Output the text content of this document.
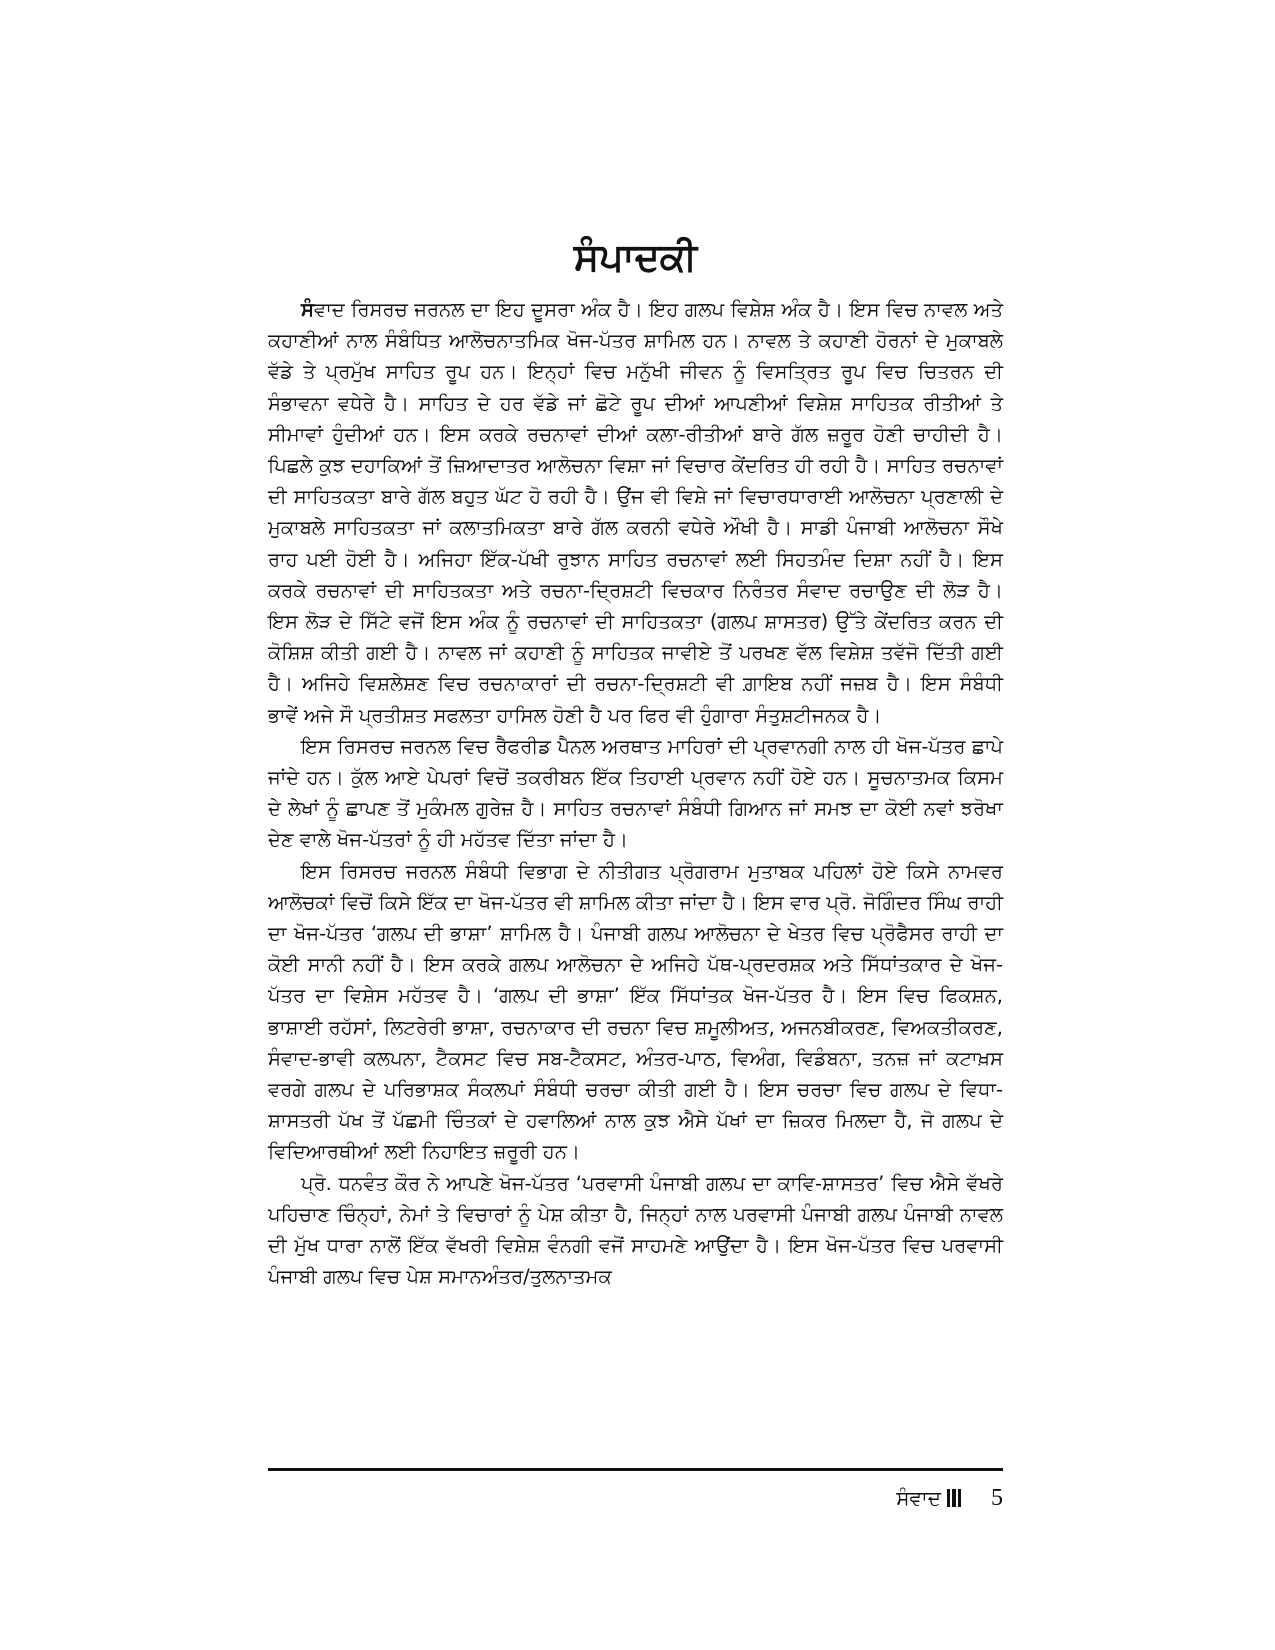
ਸੰਪਾਦਕੀ

ਸੰਵਾਦ ਰਿਸਰਚ ਜਰਨਲ ਦਾ ਇਹ ਦੂਸਰਾ ਅੰਕ ਹੈ। ਇਹ ਗਲਪ ਵਿਸ਼ੇਸ਼ ਅੰਕ ਹੈ। ਇਸ ਵਿਚ ਨਾਵਲ ਅਤੇ ਕਹਾਣੀਆਂ ਨਾਲ ਸੰਬੰਧਿਤ ਆਲੋਚਨਾਤਮਿਕ ਖੋਜ-ਪੱਤਰ ਸ਼ਾਮਿਲ ਹਨ। ਨਾਵਲ ਤੇ ਕਹਾਣੀ ਹੋਰਨਾਂ ਦੇ ਮੁਕਾਬਲੇ ਵੱਡੇ ਤੇ ਪ੍ਰਮੁੱਖ ਸਾਹਿਤ ਰੂਪ ਹਨ। ਇਨ੍ਹਾਂ ਵਿਚ ਮਨੁੱਖੀ ਜੀਵਨ ਨੂੰ ਵਿਸਤ੍ਰਿਤ ਰੂਪ ਵਿਚ ਚਿਤਰਨ ਦੀ ਸੰਭਾਵਨਾ ਵਧੇਰੇ ਹੈ। ਸਾਹਿਤ ਦੇ ਹਰ ਵੱਡੇ ਜਾਂ ਛੋਟੇ ਰੂਪ ਦੀਆਂ ਆਪਣੀਆਂ ਵਿਸ਼ੇਸ਼ ਸਾਹਿਤਕ ਰੀਤੀਆਂ ਤੇ ਸੀਮਾਵਾਂ ਹੁੰਦੀਆਂ ਹਨ। ਇਸ ਕਰਕੇ ਰਚਨਾਵਾਂ ਦੀਆਂ ਕਲਾ-ਰੀਤੀਆਂ ਬਾਰੇ ਗੱਲ ਜ਼ਰੂਰ ਹੋਣੀ ਚਾਹੀਦੀ ਹੈ। ਪਿਛਲੇ ਕੁਝ ਦਹਾਕਿਆਂ ਤੋਂ ਜ਼ਿਆਦਾਤਰ ਆਲੋਚਨਾ ਵਿਸ਼ਾ ਜਾਂ ਵਿਚਾਰ ਕੇਂਦਰਿਤ ਹੀ ਰਹੀ ਹੈ। ਸਾਹਿਤ ਰਚਨਾਵਾਂ ਦੀ ਸਾਹਿਤਕਤਾ ਬਾਰੇ ਗੱਲ ਬਹੁਤ ਘੱਟ ਹੋ ਰਹੀ ਹੈ। ਉਂਜ ਵੀ ਵਿਸ਼ੇ ਜਾਂ ਵਿਚਾਰਧਾਰਾਈ ਆਲੋਚਨਾ ਪ੍ਰਣਾਲੀ ਦੇ ਮੁਕਾਬਲੇ ਸਾਹਿਤਕਤਾ ਜਾਂ ਕਲਾਤਮਿਕਤਾ ਬਾਰੇ ਗੱਲ ਕਰਨੀ ਵਧੇਰੇ ਔਖੀ ਹੈ। ਸਾਡੀ ਪੰਜਾਬੀ ਆਲੋਚਨਾ ਸੌਖੇ ਰਾਹ ਪਈ ਹੋਈ ਹੈ। ਅਜਿਹਾ ਇੱਕ-ਪੱਖੀ ਰੁਝਾਨ ਸਾਹਿਤ ਰਚਨਾਵਾਂ ਲਈ ਸਿਹਤਮੰਦ ਦਿਸ਼ਾ ਨਹੀਂ ਹੈ। ਇਸ ਕਰਕੇ ਰਚਨਾਵਾਂ ਦੀ ਸਾਹਿਤਕਤਾ ਅਤੇ ਰਚਨਾ-ਦ੍ਰਿਸ਼ਟੀ ਵਿਚਕਾਰ ਨਿਰੰਤਰ ਸੰਵਾਦ ਰਚਾਉਣ ਦੀ ਲੋੜ ਹੈ। ਇਸ ਲੋੜ ਦੇ ਸਿੱਟੇ ਵਜੋਂ ਇਸ ਅੰਕ ਨੂੰ ਰਚਨਾਵਾਂ ਦੀ ਸਾਹਿਤਕਤਾ (ਗਲਪ ਸ਼ਾਸਤਰ) ਉੱਤੇ ਕੇਂਦਰਿਤ ਕਰਨ ਦੀ ਕੋਸ਼ਿਸ਼ ਕੀਤੀ ਗਈ ਹੈ। ਨਾਵਲ ਜਾਂ ਕਹਾਣੀ ਨੂੰ ਸਾਹਿਤਕ ਜਾਵੀਏ ਤੋਂ ਪਰਖਣ ਵੱਲ ਵਿਸ਼ੇਸ਼ ਤਵੱਜੋ ਦਿੱਤੀ ਗਈ ਹੈ। ਅਜਿਹੇ ਵਿਸ਼ਲੇਸ਼ਣ ਵਿਚ ਰਚਨਾਕਾਰਾਂ ਦੀ ਰਚਨਾ-ਦ੍ਰਿਸ਼ਟੀ ਵੀ ਗ਼ਾਇਬ ਨਹੀਂ ਜਜ਼ਬ ਹੈ। ਇਸ ਸੰਬੰਧੀ ਭਾਵੇਂ ਅਜੇ ਸੌ ਪ੍ਰਤੀਸ਼ਤ ਸਫਲਤਾ ਹਾਸਿਲ ਹੋਣੀ ਹੈ ਪਰ ਫਿਰ ਵੀ ਹੁੰਗਾਰਾ ਸੰਤੁਸ਼ਟੀਜਨਕ ਹੈ।

ਇਸ ਰਿਸਰਚ ਜਰਨਲ ਵਿਚ ਰੈਫਰੀਡ ਪੈਨਲ ਅਰਥਾਤ ਮਾਹਿਰਾਂ ਦੀ ਪ੍ਰਵਾਨਗੀ ਨਾਲ ਹੀ ਖੋਜ-ਪੱਤਰ ਛਾਪੇ ਜਾਂਦੇ ਹਨ। ਕੁੱਲ ਆਏ ਪੇਪਰਾਂ ਵਿਚੋਂ ਤਕਰੀਬਨ ਇੱਕ ਤਿਹਾਈ ਪ੍ਰਵਾਨ ਨਹੀਂ ਹੋਏ ਹਨ। ਸੂਚਨਾਤਮਕ ਕਿਸਮ ਦੇ ਲੇਖਾਂ ਨੂੰ ਛਾਪਣ ਤੋਂ ਮੁਕੰਮਲ ਗੁਰੇਜ਼ ਹੈ। ਸਾਹਿਤ ਰਚਨਾਵਾਂ ਸੰਬੰਧੀ ਗਿਆਨ ਜਾਂ ਸਮਝ ਦਾ ਕੋਈ ਨਵਾਂ ਝਰੋਖਾ ਦੇਣ ਵਾਲੇ ਖੋਜ-ਪੱਤਰਾਂ ਨੂੰ ਹੀ ਮਹੱਤਵ ਦਿੱਤਾ ਜਾਂਦਾ ਹੈ।

ਇਸ ਰਿਸਰਚ ਜਰਨਲ ਸੰਬੰਧੀ ਵਿਭਾਗ ਦੇ ਨੀਤੀਗਤ ਪ੍ਰੋਗਰਾਮ ਮੁਤਾਬਕ ਪਹਿਲਾਂ ਹੋਏ ਕਿਸੇ ਨਾਮਵਰ ਆਲੋਚਕਾਂ ਵਿਚੋਂ ਕਿਸੇ ਇੱਕ ਦਾ ਖੋਜ-ਪੱਤਰ ਵੀ ਸ਼ਾਮਿਲ ਕੀਤਾ ਜਾਂਦਾ ਹੈ। ਇਸ ਵਾਰ ਪ੍ਰੋ. ਜੋਗਿੰਦਰ ਸਿੰਘ ਰਾਹੀ ਦਾ ਖੋਜ-ਪੱਤਰ ‘ਗਲਪ ਦੀ ਭਾਸ਼ਾ’ ਸ਼ਾਮਿਲ ਹੈ। ਪੰਜਾਬੀ ਗਲਪ ਆਲੋਚਨਾ ਦੇ ਖੇਤਰ ਵਿਚ ਪ੍ਰੋਫੈਸਰ ਰਾਹੀ ਦਾ ਕੋਈ ਸਾਨੀ ਨਹੀਂ ਹੈ। ਇਸ ਕਰਕੇ ਗਲਪ ਆਲੋਚਨਾ ਦੇ ਅਜਿਹੇ ਪੱਥ-ਪ੍ਰਦਰਸ਼ਕ ਅਤੇ ਸਿੱਧਾਂਤਕਾਰ ਦੇ ਖੋਜ-ਪੱਤਰ ਦਾ ਵਿਸ਼ੇਸ ਮਹੱਤਵ ਹੈ। ‘ਗਲਪ ਦੀ ਭਾਸ਼ਾ’ ਇੱਕ ਸਿੱਧਾਂਤਕ ਖੋਜ-ਪੱਤਰ ਹੈ। ਇਸ ਵਿਚ ਫਿਕਸ਼ਨ, ਭਾਸ਼ਾਈ ਰਹੱਸਾਂ, ਲਿਟਰੇਰੀ ਭਾਸ਼ਾ, ਰਚਨਾਕਾਰ ਦੀ ਰਚਨਾ ਵਿਚ ਸ਼ਮੂਲੀਅਤ, ਅਜਨਬੀਕਰਣ, ਵਿਅਕਤੀਕਰਣ, ਸੰਵਾਦ-ਭਾਵੀ ਕਲਪਨਾ, ਟੈਕਸਟ ਵਿਚ ਸਬ-ਟੈਕਸਟ, ਅੰਤਰ-ਪਾਠ, ਵਿਅੰਗ, ਵਿਡੰਬਨਾ, ਤਨਜ਼ ਜਾਂ ਕਟਾਖ਼ਸ ਵਰਗੇ ਗਲਪ ਦੇ ਪਰਿਭਾਸ਼ਕ ਸੰਕਲਪਾਂ ਸੰਬੰਧੀ ਚਰਚਾ ਕੀਤੀ ਗਈ ਹੈ। ਇਸ ਚਰਚਾ ਵਿਚ ਗਲਪ ਦੇ ਵਿਧਾ-ਸ਼ਾਸਤਰੀ ਪੱਖ ਤੋਂ ਪੱਛਮੀ ਚਿੰਤਕਾਂ ਦੇ ਹਵਾਲਿਆਂ ਨਾਲ ਕੁਝ ਐਸੇ ਪੱਖਾਂ ਦਾ ਜ਼ਿਕਰ ਮਿਲਦਾ ਹੈ, ਜੋ ਗਲਪ ਦੇ ਵਿਦਿਆਰਥੀਆਂ ਲਈ ਨਿਹਾਇਤ ਜ਼ਰੂਰੀ ਹਨ।

ਪ੍ਰੋ. ਧਨਵੰਤ ਕੌਰ ਨੇ ਆਪਣੇ ਖੋਜ-ਪੱਤਰ ‘ਪਰਵਾਸੀ ਪੰਜਾਬੀ ਗਲਪ ਦਾ ਕਾਵਿ-ਸ਼ਾਸਤਰ’ ਵਿਚ ਐਸੇ ਵੱਖਰੇ ਪਹਿਚਾਣ ਚਿੰਨ੍ਹਾਂ, ਨੇਮਾਂ ਤੇ ਵਿਚਾਰਾਂ ਨੂੰ ਪੇਸ਼ ਕੀਤਾ ਹੈ, ਜਿਨ੍ਹਾਂ ਨਾਲ ਪਰਵਾਸੀ ਪੰਜਾਬੀ ਗਲਪ ਪੰਜਾਬੀ ਨਾਵਲ ਦੀ ਮੁੱਖ ਧਾਰਾ ਨਾਲੋਂ ਇੱਕ ਵੱਖਰੀ ਵਿਸ਼ੇਸ਼ ਵੰਨਗੀ ਵਜੋਂ ਸਾਹਮਣੇ ਆਉਂਦਾ ਹੈ। ਇਸ ਖੋਜ-ਪੱਤਰ ਵਿਚ ਪਰਵਾਸੀ ਪੰਜਾਬੀ ਗਲਪ ਵਿਚ ਪੇਸ਼ ਸਮਾਨਅੰਤਰ/ਤੁਲਨਾਤਮਕ

ਸੰਵਾਦ 5
